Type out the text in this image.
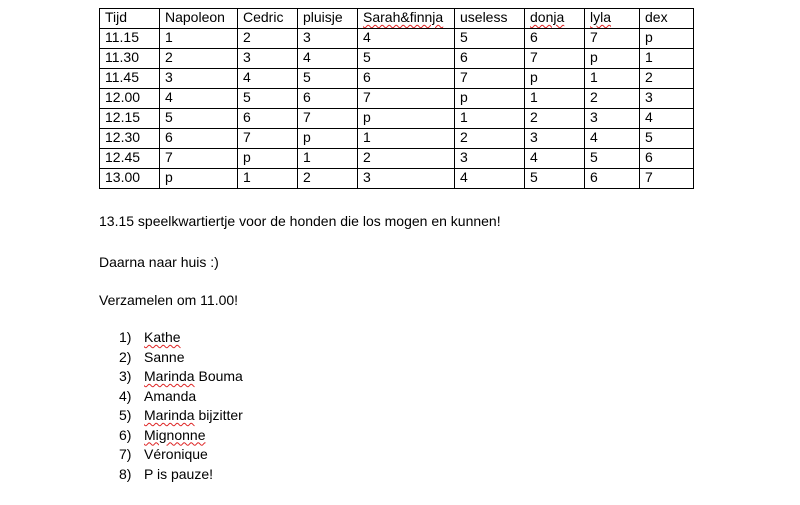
Tijd	Napoleon	Cedric	pluisje	Sarah&finnja	useless	donja	lyla	dex
11.15	1	2	3	4	5	6	7	p
11.30	2	3	4	5	6	7	p	1
11.45	3	4	5	6	7	p	1	2
12.00	4	5	6	7	p	1	2	3
12.15	5	6	7	p	1	2	3	4
12.30	6	7	p	1	2	3	4	5
12.45	7	p	1	2	3	4	5	6
13.00	p	1	2	3	4	5	6	7

13.15 speelkwartiertje voor de honden die los mogen en kunnen!

Daarna naar huis :)

Verzamelen om 11.00!

1) Kathe
2) Sanne
3) Marinda Bouma
4) Amanda
5) Marinda bijzitter
6) Mignonne
7) Véronique
8) P is pauze!
